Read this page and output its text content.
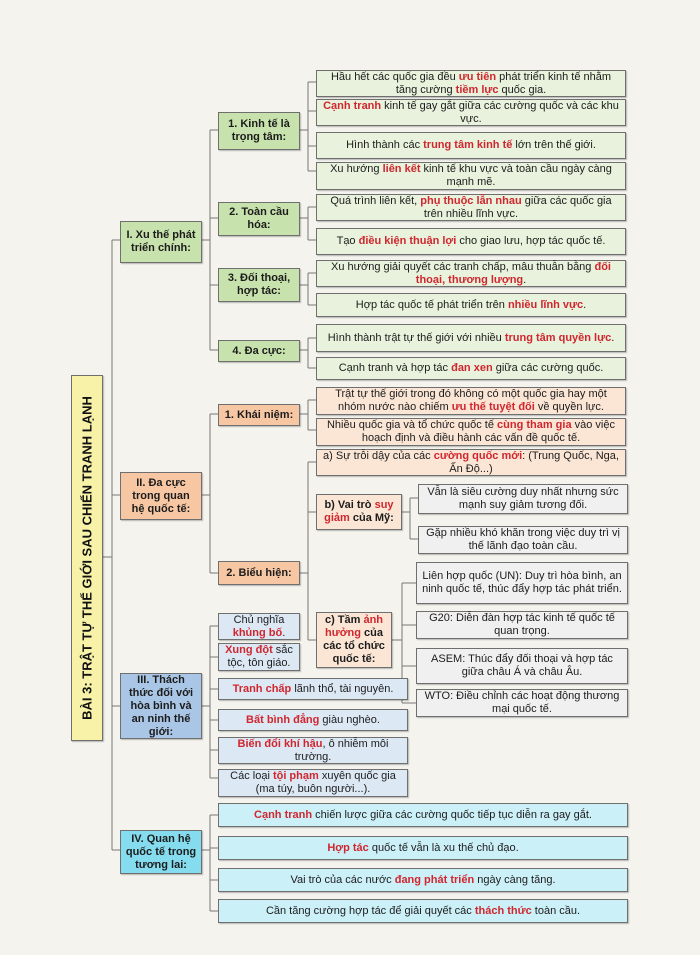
BÀI 3: TRẬT TỰ THẾ GIỚI SAU CHIẾN TRANH LẠNH
I. Xu thế phát triển chính:
1. Kinh tế là trọng tâm:
Hầu hết các quốc gia đều ưu tiên phát triển kinh tế nhằm tăng cường tiềm lực quốc gia.
Cạnh tranh kinh tế gay gắt giữa các cường quốc và các khu vực.
Hình thành các trung tâm kinh tế lớn trên thế giới.
Xu hướng liên kết kinh tế khu vực và toàn cầu ngày càng mạnh mẽ.
2. Toàn cầu hóa:
Quá trình liên kết, phụ thuộc lẫn nhau giữa các quốc gia trên nhiều lĩnh vực.
Tạo điều kiện thuận lợi cho giao lưu, hợp tác quốc tế.
3. Đối thoại, hợp tác:
Xu hướng giải quyết các tranh chấp, mâu thuẫn bằng đối thoại, thương lượng.
Hợp tác quốc tế phát triển trên nhiều lĩnh vực.
4. Đa cực:
Hình thành trật tự thế giới với nhiều trung tâm quyền lực.
Cạnh tranh và hợp tác đan xen giữa các cường quốc.
II. Đa cực trong quan hệ quốc tế:
1. Khái niệm:
Trật tự thế giới trong đó không có một quốc gia hay một nhóm nước nào chiếm ưu thế tuyệt đối về quyền lực.
Nhiều quốc gia và tổ chức quốc tế cùng tham gia vào việc hoạch định và điều hành các vấn đề quốc tế.
2. Biểu hiện:
a) Sự trỗi dậy của các cường quốc mới: (Trung Quốc, Nga, Ấn Độ...)
b) Vai trò suy giảm của Mỹ:
Vẫn là siêu cường duy nhất nhưng sức mạnh suy giảm tương đối.
Gặp nhiều khó khăn trong việc duy trì vị thế lãnh đạo toàn cầu.
c) Tầm ảnh hưởng của các tổ chức quốc tế:
Liên hợp quốc (UN): Duy trì hòa bình, an ninh quốc tế, thúc đẩy hợp tác phát triển.
G20: Diễn đàn hợp tác kinh tế quốc tế quan trọng.
ASEM: Thúc đẩy đối thoại và hợp tác giữa châu Á và châu Âu.
WTO: Điều chỉnh các hoạt động thương mại quốc tế.
III. Thách thức đối với hòa bình và an ninh thế giới:
Chủ nghĩa khủng bố.
Xung đột sắc tộc, tôn giáo.
Tranh chấp lãnh thổ, tài nguyên.
Bất bình đẳng giàu nghèo.
Biến đổi khí hậu, ô nhiễm môi trường.
Các loại tội phạm xuyên quốc gia (ma túy, buôn người...).
IV. Quan hệ quốc tế trong tương lai:
Cạnh tranh chiến lược giữa các cường quốc tiếp tục diễn ra gay gắt.
Hợp tác quốc tế vẫn là xu thế chủ đạo.
Vai trò của các nước đang phát triển ngày càng tăng.
Cần tăng cường hợp tác để giải quyết các thách thức toàn cầu.
